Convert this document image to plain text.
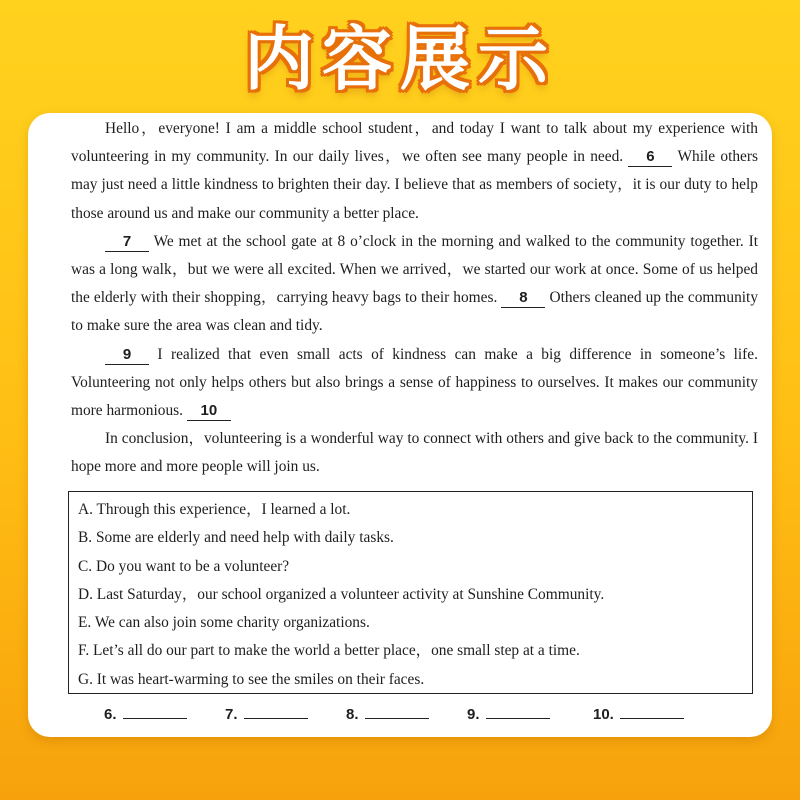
内容展示

Hello，everyone! I am a middle school student，and today I want to talk about my experience with volunteering in my community. In our daily lives，we often see many people in need. 6 While others may just need a little kindness to brighten their day. I believe that as members of society，it is our duty to help those around us and make our community a better place.

7 We met at the school gate at 8 o’clock in the morning and walked to the community together. It was a long walk，but we were all excited. When we arrived，we started our work at once. Some of us helped the elderly with their shopping，carrying heavy bags to their homes. 8 Others cleaned up the community to make sure the area was clean and tidy.

9 I realized that even small acts of kindness can make a big difference in someone’s life. Volunteering not only helps others but also brings a sense of happiness to ourselves. It makes our community more harmonious. 10

In conclusion，volunteering is a wonderful way to connect with others and give back to the community. I hope more and more people will join us.

A. Through this experience，I learned a lot.
B. Some are elderly and need help with daily tasks.
C. Do you want to be a volunteer?
D. Last Saturday，our school organized a volunteer activity at Sunshine Community.
E. We can also join some charity organizations.
F. Let’s all do our part to make the world a better place，one small step at a time.
G. It was heart-warming to see the smiles on their faces.
6.	7.	8.	9.	10.
